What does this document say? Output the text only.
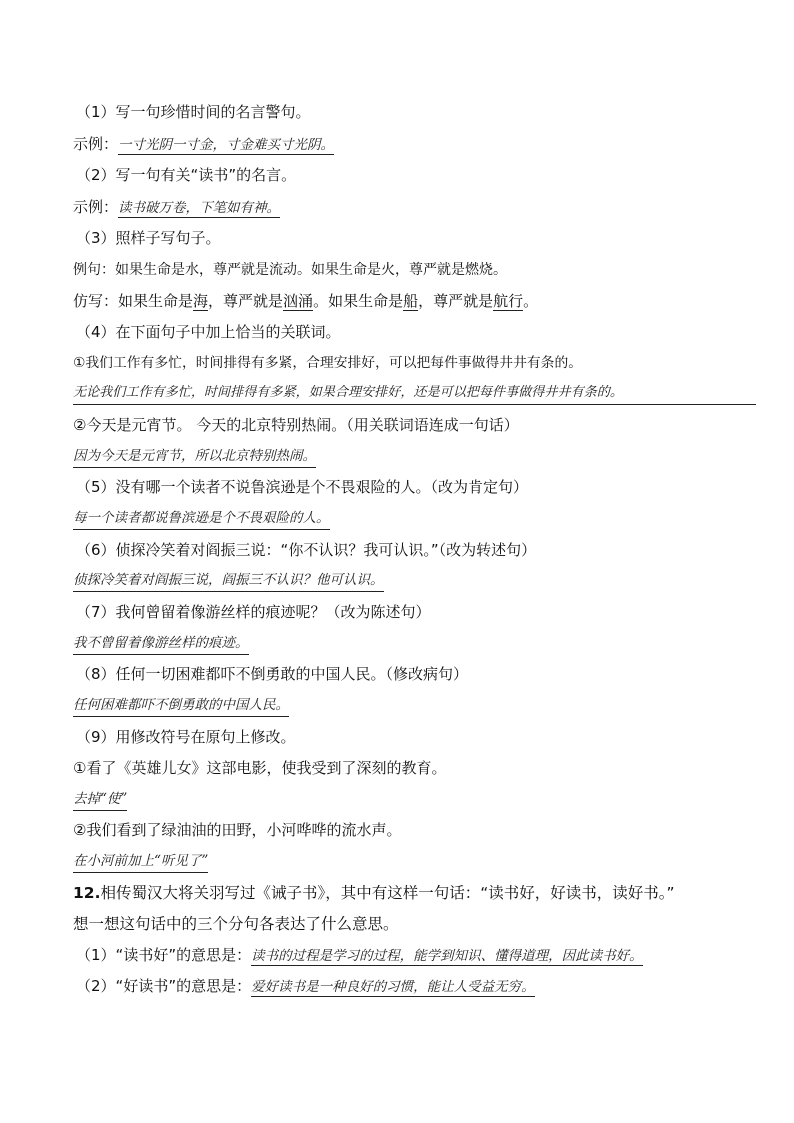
（1）写一句珍惜时间的名言警句。
示例：一寸光阴一寸金，寸金难买寸光阴。
（2）写一句有关“读书”的名言。
示例：读书破万卷，下笔如有神。
（3）照样子写句子。
例句：如果生命是水，尊严就是流动。如果生命是火，尊严就是燃烧。
仿写：如果生命是海，尊严就是汹涌。如果生命是船，尊严就是航行。
（4）在下面句子中加上恰当的关联词。
①我们工作有多忙，时间排得有多紧，合理安排好，可以把每件事做得井井有条的。
无论我们工作有多忙，时间排得有多紧，如果合理安排好，还是可以把每件事做得井井有条的。
②今天是元宵节。 今天的北京特别热闹。（用关联词语连成一句话）
因为今天是元宵节，所以北京特别热闹。
（5）没有哪一个读者不说鲁滨逊是个不畏艰险的人。（改为肯定句）
每一个读者都说鲁滨逊是个不畏艰险的人。
（6）侦探冷笑着对阎振三说：“你不认识？我可认识。”（改为转述句）
侦探冷笑着对阎振三说，阎振三不认识？他可认识。
（7）我何曾留着像游丝样的痕迹呢？（改为陈述句）
我不曾留着像游丝样的痕迹。
（8）任何一切困难都吓不倒勇敢的中国人民。（修改病句）
任何困难都吓不倒勇敢的中国人民。
（9）用修改符号在原句上修改。
①看了《英雄儿女》这部电影，使我受到了深刻的教育。
去掉“使”
②我们看到了绿油油的田野，小河哗哗的流水声。
在小河前加上“听见了”
12.相传蜀汉大将关羽写过《诫子书》，其中有这样一句话：“读书好，好读书，读好书。”
想一想这句话中的三个分句各表达了什么意思。
（1）“读书好”的意思是：读书的过程是学习的过程，能学到知识、懂得道理，因此读书好。
（2）“好读书”的意思是：爱好读书是一种良好的习惯，能让人受益无穷。
